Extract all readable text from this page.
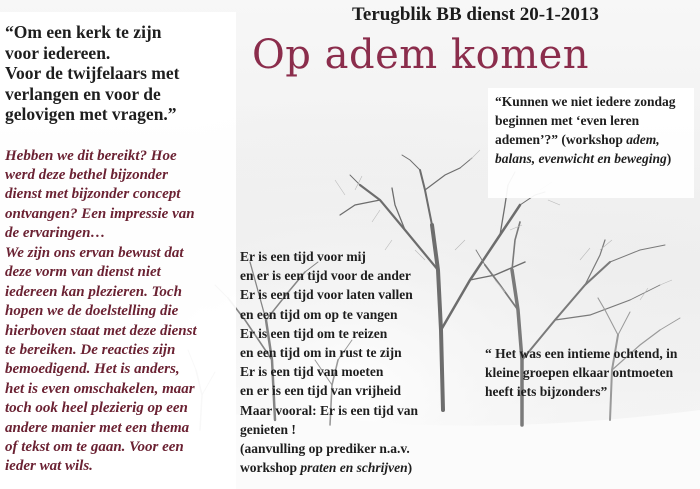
Terugblik BB dienst 20-1-2013
Op adem komen
“Om een kerk te zijn
voor iedereen.
Voor de twijfelaars met
verlangen en voor de
gelovigen met vragen.”
Hebben we dit bereikt? Hoe
werd deze bethel bijzonder
dienst met bijzonder concept
ontvangen? Een impressie van
de ervaringen…
We zijn ons ervan bewust dat
deze vorm van dienst niet
iedereen kan plezieren. Toch
hopen we de doelstelling die
hierboven staat met deze dienst
te bereiken. De reacties zijn
bemoedigend. Het is anders,
het is even omschakelen, maar
toch ook heel plezierig op een
andere manier met een thema
of tekst om te gaan. Voor een
ieder wat wils.
“Kunnen we niet iedere zondag
beginnen met ‘even leren
ademen’?” (workshop adem,
balans, evenwicht en beweging)
Er is een tijd voor mij
en er is een tijd voor de ander
Er is een tijd voor laten vallen
en een tijd om op te vangen
Er is een tijd om te reizen
en een tijd om in rust te zijn
Er is een tijd van moeten
en er is een tijd van vrijheid
Maar vooral: Er is een tijd van
genieten !
(aanvulling op prediker n.a.v.
workshop praten en schrijven)
“ Het was een intieme ochtend, in
kleine groepen elkaar ontmoeten
heeft iets bijzonders”
